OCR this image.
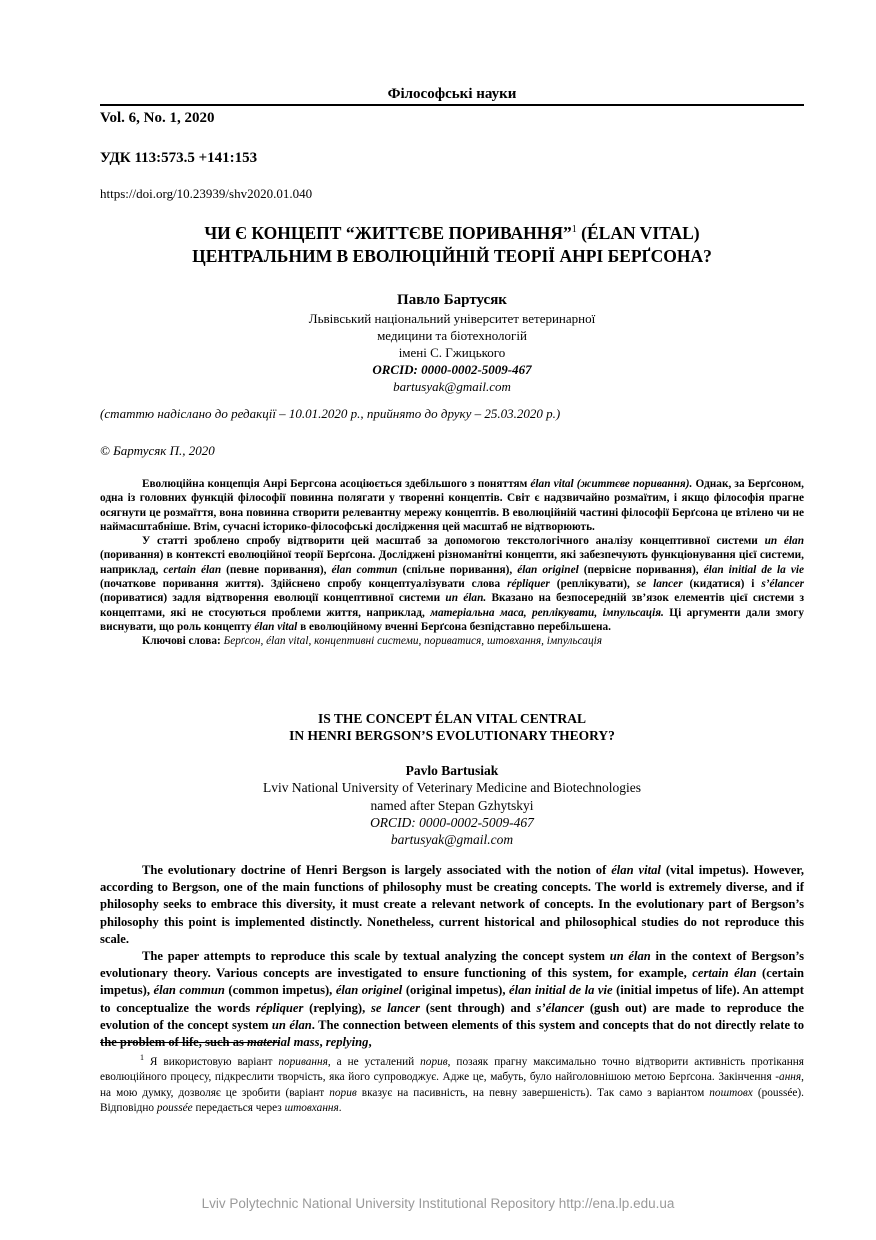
Філософські науки
Vol. 6, No. 1, 2020
УДК 113:573.5 +141:153
https://doi.org/10.23939/shv2020.01.040
ЧИ Є КОНЦЕПТ “ЖИТТЄВЕ ПОРИВАННЯ”$^1$ (ÉLAN VITAL)
ЦЕНТРАЛЬНИМ В ЕВОЛЮЦІЙНІЙ ТЕОРІЇ АНРІ БЕРҐСОНА?
Павло Бартусяк
Львівський національний університет ветеринарної
медицини та біотехнологій
імені С. Гжицького
ORCID: 0000-0002-5009-467
bartusyak@gmail.com
(статтю надіслано до редакції – 10.01.2020 р., прийнято до друку – 25.03.2020 р.)
© Бартусяк П., 2020

Еволюційна концепція Анрі Бергсона асоціюється здебільшого з поняттям élan vital (життєве поривання). Однак, за Берґсоном, одна із головних функцій філософії повинна полягати у творенні концептів. Світ є надзвичайно розмаїтим, і якщо філософія прагне осягнути це розмаїття, вона повинна створити релевантну мережу концептів. В еволюційній частині філософії Берґсона це втілено чи не наймасштабніше. Втім, сучасні історико-філософські дослідження цей масштаб не відтворюють.

У статті зроблено спробу відтворити цей масштаб за допомогою текстологічного аналізу концептивної системи un élan (поривання) в контексті еволюційної теорії Берґсона. Досліджені різноманітні концепти, які забезпечують функціонування цієї системи, наприклад, certain élan (певне поривання), élan commun (спільне поривання), élan originel (первісне поривання), élan initial de la vie (початкове поривання життя). Здійснено спробу концептуалізувати слова répliquer (реплікувати), se lancer (кидатися) і s’élancer (пориватися) задля відтворення еволюції концептивної системи un élan. Вказано на безпосередній зв’язок елементів цієї системи з концептами, які не стосуються проблеми життя, наприклад, матеріальна маса, реплікувати, імпульсація. Ці аргументи дали змогу виснувати, що роль концепту élan vital в еволюційному вченні Берґсона безпідставно перебільшена.

Ключові слова: Берґсон, élan vital, концептивні системи, пориватися, штовхання, імпульсація

IS THE CONCEPT ÉLAN VITAL CENTRAL
IN HENRI BERGSON’S EVOLUTIONARY THEORY?
Pavlo Bartusiak
Lviv National University of Veterinary Medicine and Biotechnologies
named after Stepan Gzhytskyi
ORCID: 0000-0002-5009-467
bartusyak@gmail.com

The evolutionary doctrine of Henri Bergson is largely associated with the notion of élan vital (vital impetus). However, according to Bergson, one of the main functions of philosophy must be creating concepts. The world is extremely diverse, and if philosophy seeks to embrace this diversity, it must create a relevant network of concepts. In the evolutionary part of Bergson’s philosophy this point is implemented distinctly. Nonetheless, current historical and philosophical studies do not reproduce this scale.

The paper attempts to reproduce this scale by textual analyzing the concept system un élan in the context of Bergson’s evolutionary theory. Various concepts are investigated to ensure functioning of this system, for example, certain élan (certain impetus), élan commun (common impetus), élan originel (original impetus), élan initial de la vie (initial impetus of life). An attempt to conceptualize the words répliquer (replying), se lancer (sent through) and s’élancer (gush out) are made to reproduce the evolution of the concept system un élan. The connection between elements of this system and concepts that do not directly relate to the problem of life, such as material mass, replying,

$^1$ Я використовую варіант поривання, а не усталений порив, позаяк прагну максимально точно відтворити активність протікання еволюційного процесу, підкреслити творчість, яка його супроводжує. Адже це, мабуть, було найголовнішою метою Берґсона. Закінчення -ання, на мою думку, дозволяє це зробити (варіант порив вказує на пасивність, на певну завершеність). Так само з варіантом поштовх (poussée). Відповідно poussée передається через штовхання.

Lviv Polytechnic National University Institutional Repository http://ena.lp.edu.ua
